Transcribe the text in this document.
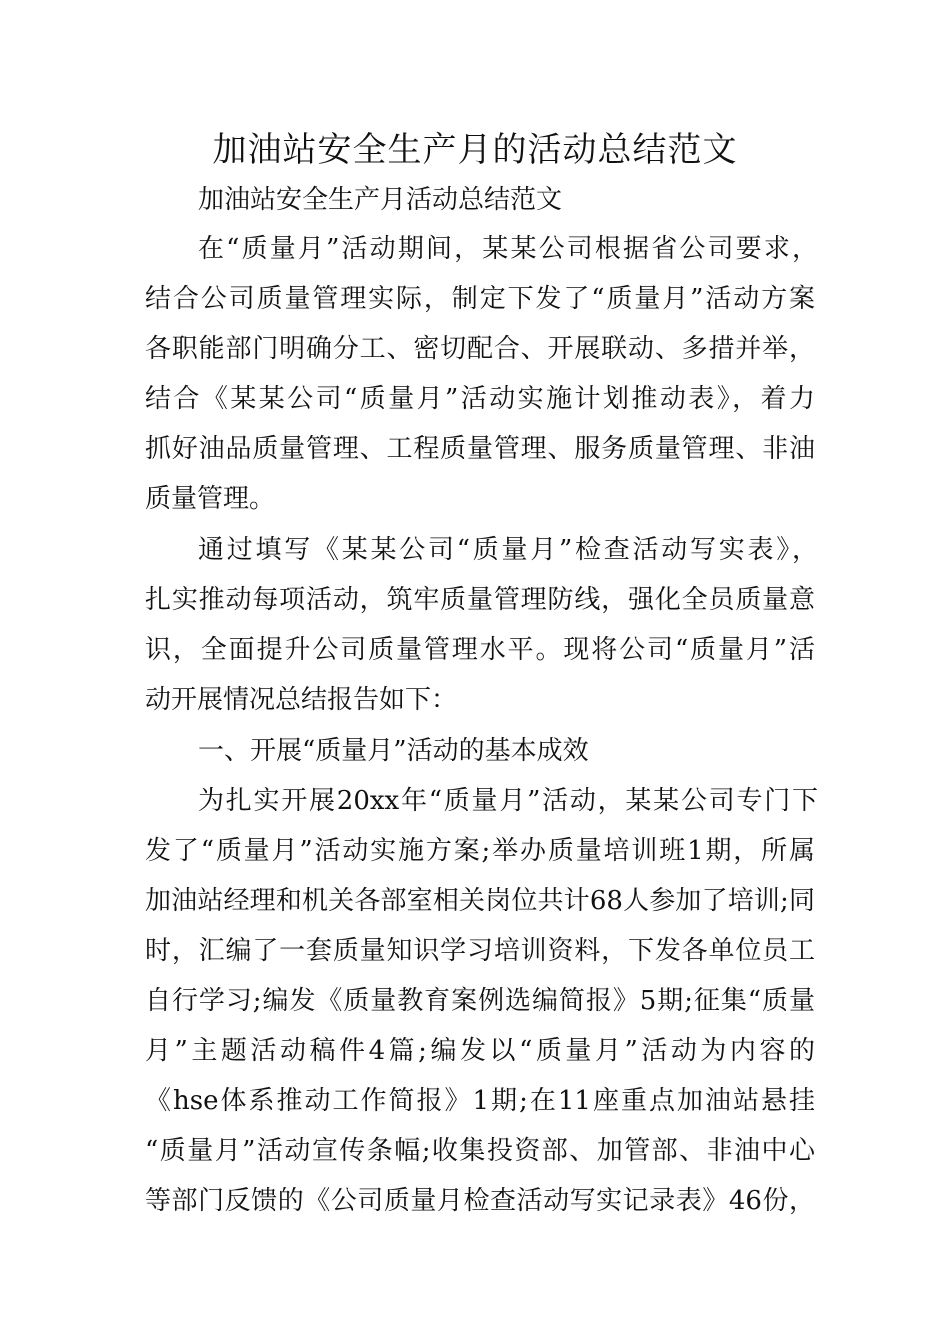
加油站安全生产月的活动总结范文
加油站安全生产月活动总结范文
在“质量月”活动期间，某某公司根据省公司要求，
结合公司质量管理实际，制定下发了“质量月”活动方案
各职能部门明确分工、密切配合、开展联动、多措并举，
结合《某某公司“质量月”活动实施计划推动表》，着力
抓好油品质量管理、工程质量管理、服务质量管理、非油
质量管理。
通过填写《某某公司“质量月”检查活动写实表》，
扎实推动每项活动，筑牢质量管理防线，强化全员质量意
识，全面提升公司质量管理水平。现将公司“质量月”活
动开展情况总结报告如下：
一、开展“质量月”活动的基本成效
为扎实开展20xx年“质量月”活动，某某公司专门下
发了“质量月”活动实施方案;举办质量培训班1期，所属
加油站经理和机关各部室相关岗位共计68人参加了培训;同
时，汇编了一套质量知识学习培训资料，下发各单位员工
自行学习;编发《质量教育案例选编简报》5期;征集“质量
月”主题活动稿件4篇;编发以“质量月”活动为内容的
《hse体系推动工作简报》1期;在11座重点加油站悬挂
“质量月”活动宣传条幅;收集投资部、加管部、非油中心
等部门反馈的《公司质量月检查活动写实记录表》46份，
